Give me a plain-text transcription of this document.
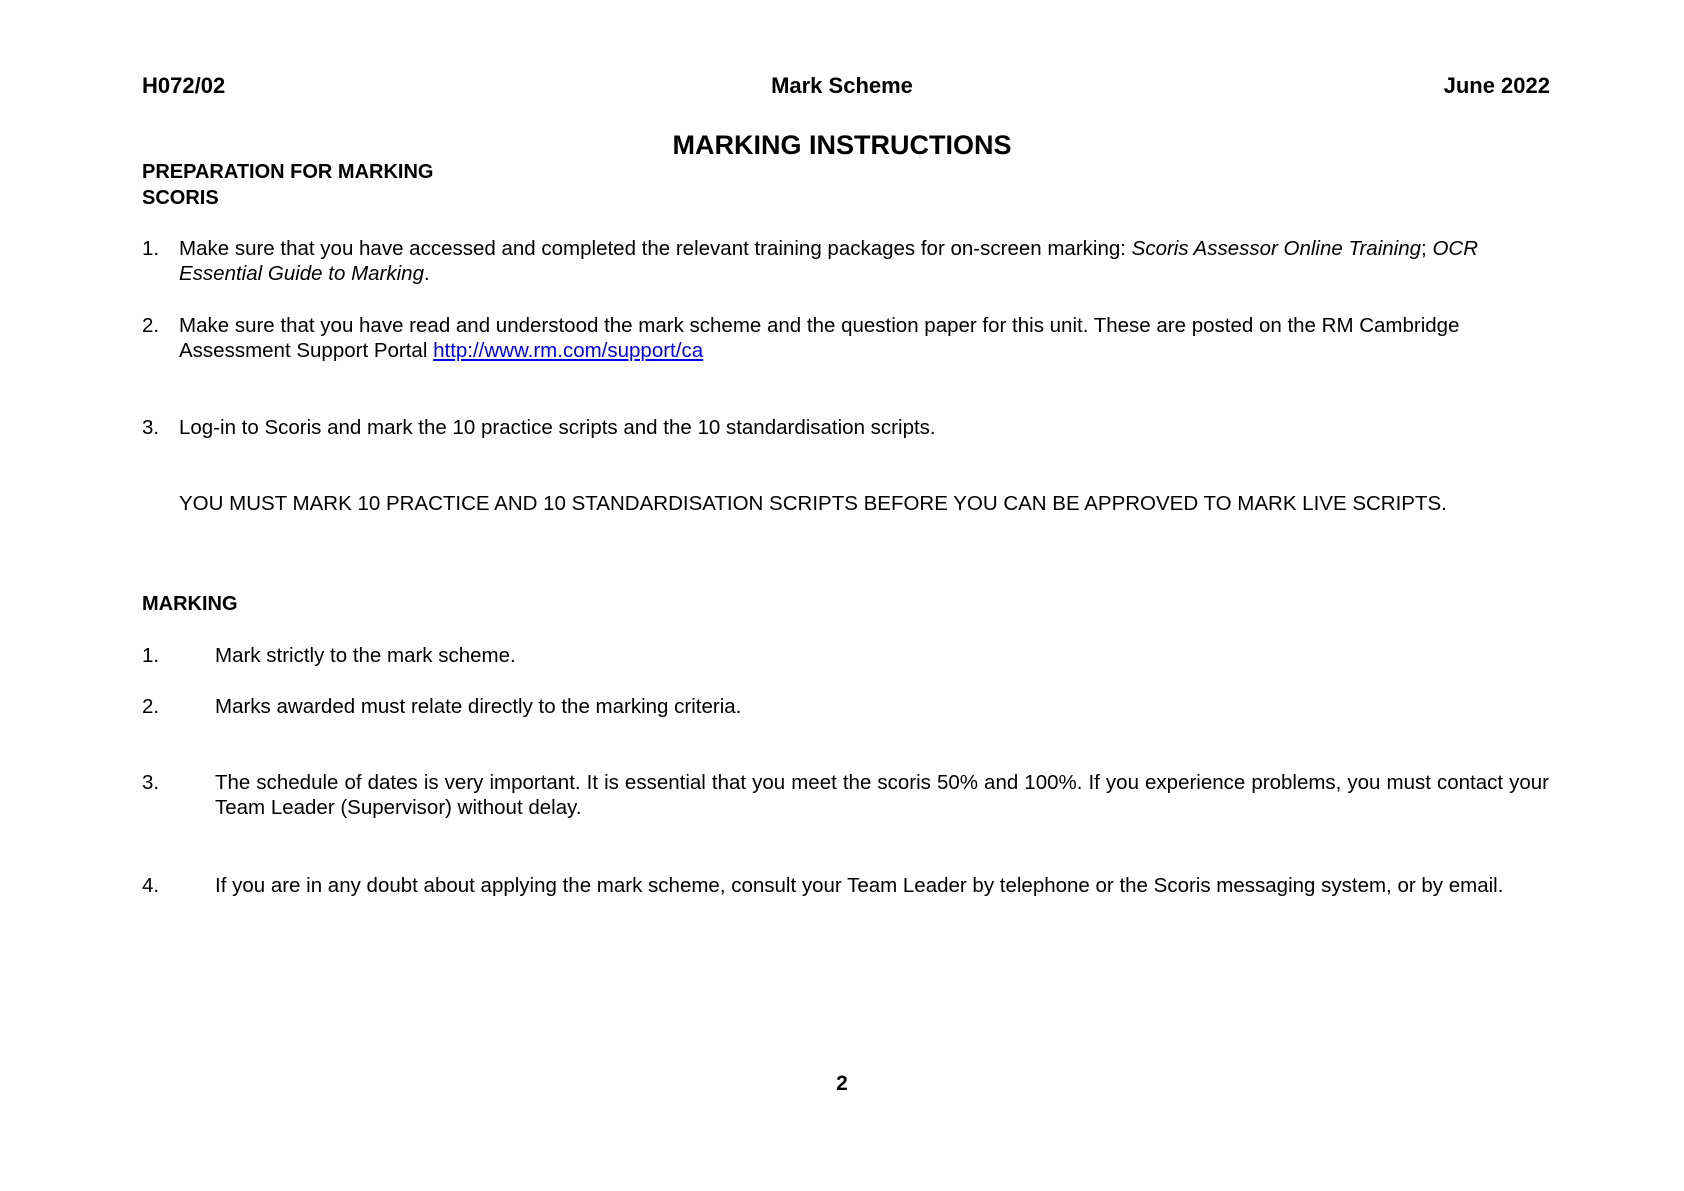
H072/02	Mark Scheme	June 2022
MARKING INSTRUCTIONS
PREPARATION FOR MARKING
SCORIS
1. Make sure that you have accessed and completed the relevant training packages for on-screen marking: Scoris Assessor Online Training; OCR Essential Guide to Marking.
2. Make sure that you have read and understood the mark scheme and the question paper for this unit. These are posted on the RM Cambridge Assessment Support Portal http://www.rm.com/support/ca
3. Log-in to Scoris and mark the 10 practice scripts and the 10 standardisation scripts.
YOU MUST MARK 10 PRACTICE AND 10 STANDARDISATION SCRIPTS BEFORE YOU CAN BE APPROVED TO MARK LIVE SCRIPTS.
MARKING
1.	Mark strictly to the mark scheme.
2.	Marks awarded must relate directly to the marking criteria.
3.	The schedule of dates is very important. It is essential that you meet the scoris 50% and 100%. If you experience problems, you must contact your Team Leader (Supervisor) without delay.
4.	If you are in any doubt about applying the mark scheme, consult your Team Leader by telephone or the Scoris messaging system, or by email.
2
